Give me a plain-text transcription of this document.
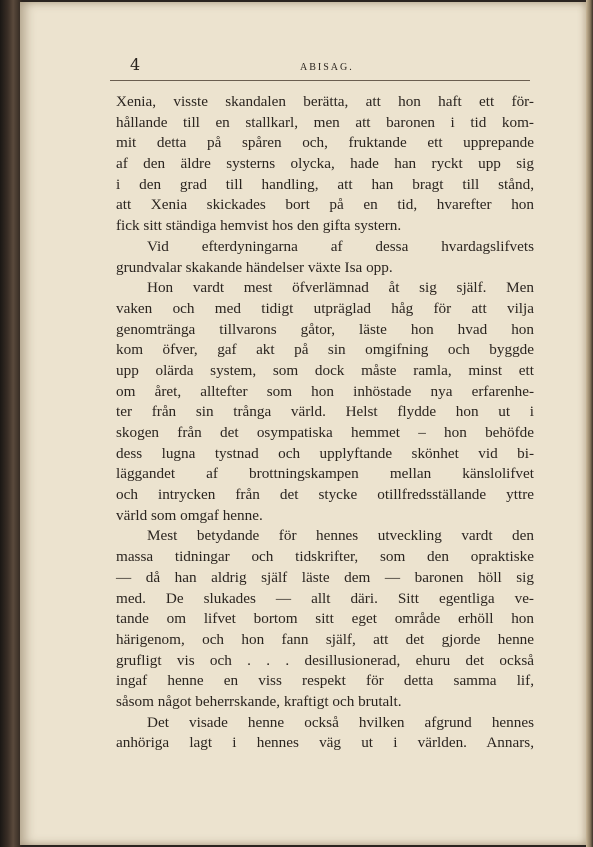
4	ABISAG.
Xenia, visste skandalen berätta, att hon haft ett för-
hållande till en stallkarl, men att baronen i tid kom-
mit detta på spåren och, fruktande ett upprepande
af den äldre systerns olycka, hade han ryckt upp sig
i den grad till handling, att han bragt till stånd,
att Xenia skickades bort på en tid, hvarefter hon
fick sitt ständiga hemvist hos den gifta systern.
Vid efterdyningarna af dessa hvardagslifvets
grundvalar skakande händelser växte Isa opp.
Hon vardt mest öfverlämnad åt sig själf. Men
vaken och med tidigt utpräglad håg för att vilja
genomtränga tillvarons gåtor, läste hon hvad hon
kom öfver, gaf akt på sin omgifning och byggde
upp olärda system, som dock måste ramla, minst ett
om året, alltefter som hon inhöstade nya erfarenhe-
ter från sin trånga värld. Helst flydde hon ut i
skogen från det osympatiska hemmet – hon behöfde
dess lugna tystnad och upplyftande skönhet vid bi-
läggandet af brottningskampen mellan känslolifvet
och intrycken från det stycke otillfredsställande yttre
värld som omgaf henne.
Mest betydande för hennes utveckling vardt den
massa tidningar och tidskrifter, som den opraktiske
— då han aldrig själf läste dem — baronen höll sig
med. De slukades — allt däri. Sitt egentliga ve-
tande om lifvet bortom sitt eget område erhöll hon
härigenom, och hon fann själf, att det gjorde henne
grufligt vis och . . . desillusionerad, ehuru det också
ingaf henne en viss respekt för detta samma lif,
såsom något beherrskande, kraftigt och brutalt.
Det visade henne också hvilken afgrund hennes
anhöriga lagt i hennes väg ut i världen. Annars,
